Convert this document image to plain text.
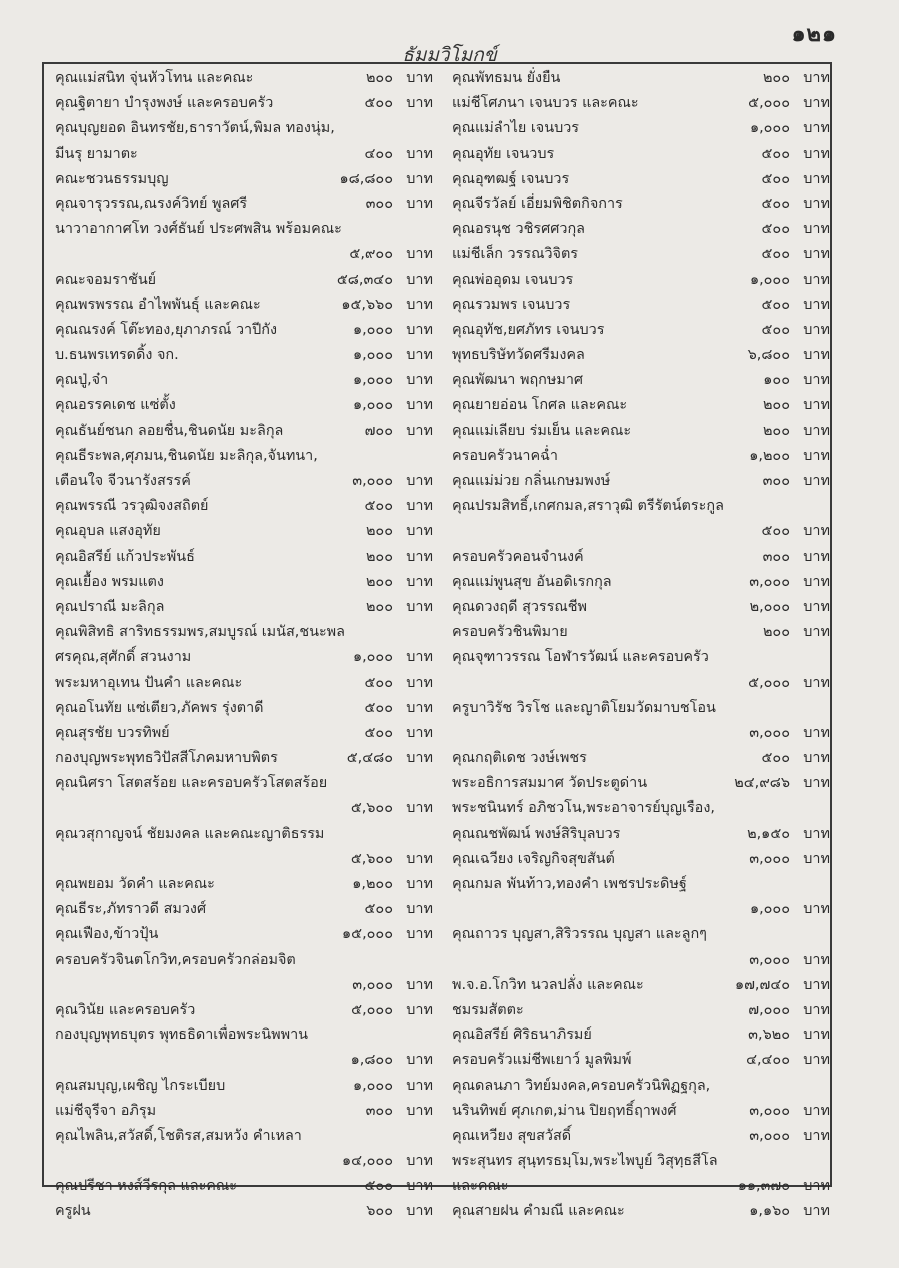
๑๒๑
ธัมมวิโมกข์
คุณแม่สนิท จุ่นหัวโทน และคณะ	๒๐๐ บาท
คุณฐิตายา บำรุงพงษ์ และครอบครัว	๕๐๐ บาท
คุณบุญยอด อินทรชัย,ธาราวัตน์,พิมล ทองนุ่ม,
มีนรุ ยามาตะ	๔๐๐ บาท
คณะชวนธรรมบุญ	๑๘,๘๐๐ บาท
คุณจารุวรรณ,ณรงค์วิทย์ พูลศรี	๓๐๐ บาท
นาวาอากาศโท วงศ์ธันย์ ประศพสิน พร้อมคณะ
๕,๙๐๐ บาท
คณะจอมราชันย์	๕๘,๓๔๐ บาท
คุณพรพรรณ อำไพพันธุ์ และคณะ	๑๕,๖๖๐ บาท
คุณณรงค์ โต๊ะทอง,ยุภาภรณ์ วาปีกัง	๑,๐๐๐ บาท
บ.ธนพรเทรดดิ้ง จก.	๑,๐๐๐ บาท
คุณปู่,จ๋า	๑,๐๐๐ บาท
คุณอรรคเดช แซ่ตั้ง	๑,๐๐๐ บาท
คุณธันย์ชนก ลอยชื่น,ชินดนัย มะลิกุล	๗๐๐ บาท
คุณธีระพล,ศุภมน,ชินดนัย มะลิกุล,จันทนา,
เตือนใจ จีวนารังสรรค์	๓,๐๐๐ บาท
คุณพรรณี วรวุฒิจงสถิตย์	๕๐๐ บาท
คุณอุบล แสงอุทัย	๒๐๐ บาท
คุณอิสรีย์ แก้วประพันธ์	๒๐๐ บาท
คุณเยื้อง พรมแตง	๒๐๐ บาท
คุณปราณี มะลิกุล	๒๐๐ บาท
คุณพิสิทธิ สาริทธรรมพร,สมบูรณ์ เมนัส,ชนะพล
ศรคุณ,สุศักดิ์ สวนงาม	๑,๐๐๐ บาท
พระมหาอุเทน ปันคำ และคณะ	๕๐๐ บาท
คุณอโนทัย แซ่เตียว,ภัคพร รุ่งตาดี	๕๐๐ บาท
คุณสุรชัย บวรทิพย์	๕๐๐ บาท
กองบุญพระพุทธวิปัสสีโภคมหาบพิตร	๕,๔๘๐ บาท
คุณนิศรา โสตสร้อย และครอบครัวโสตสร้อย
๕,๖๐๐ บาท
คุณวสุกาญจน์ ชัยมงคล และคณะญาติธรรม
๕,๖๐๐ บาท
คุณพยอม วัดคำ และคณะ	๑,๒๐๐ บาท
คุณธีระ,ภัทราวดี สมวงศ์	๕๐๐ บาท
คุณเฟือง,ข้าวปุ้น	๑๕,๐๐๐ บาท
ครอบครัวจินตโกวิท,ครอบครัวกล่อมจิต
๓,๐๐๐ บาท
คุณวินัย และครอบครัว	๕,๐๐๐ บาท
กองบุญพุทธบุตร พุทธธิดาเพื่อพระนิพพาน
๑,๘๐๐ บาท
คุณสมบุญ,เผชิญ ไกระเบียบ	๑,๐๐๐ บาท
แม่ชีจุรีจา อภิรุม	๓๐๐ บาท
คุณไพลิน,สวัสดิ์,โชติรส,สมหวัง คำเหลา
๑๔,๐๐๐ บาท
คุณปรีชา หงส์วีรกุล และคณะ	๕๐๐ บาท
ครูฝน	๖๐๐ บาท
คุณพัทธมน ยั่งยืน	๒๐๐ บาท
แม่ชีโศภนา เจนบวร และคณะ	๕,๐๐๐ บาท
คุณแม่ลำไย เจนบวร	๑,๐๐๐ บาท
คุณอุทัย เจนวบร	๕๐๐ บาท
คุณอุฑฒฐ์ เจนบวร	๕๐๐ บาท
คุณจีรวัลย์ เอี่ยมพิชิตกิจการ	๕๐๐ บาท
คุณอรนุช วชิรศศวกุล	๕๐๐ บาท
แม่ชีเล็ก วรรณวิจิตร	๕๐๐ บาท
คุณพ่ออุดม เจนบวร	๑,๐๐๐ บาท
คุณรวมพร เจนบวร	๕๐๐ บาท
คุณอุทัช,ยศภัทร เจนบวร	๕๐๐ บาท
พุทธบริษัทวัดศรีมงคล	๖,๘๐๐ บาท
คุณพัฒนา พฤกษมาศ	๑๐๐ บาท
คุณยายอ่อน โกศล และคณะ	๒๐๐ บาท
คุณแม่เลียบ ร่มเย็น และคณะ	๒๐๐ บาท
ครอบครัวนาคฉ่ำ	๑,๒๐๐ บาท
คุณแม่ม่วย กลิ่นเกษมพงษ์	๓๐๐ บาท
คุณปรมสิทธิ์,เกศกมล,สราวุฒิ ตรีรัตน์ตระกูล
๕๐๐ บาท
ครอบครัวคอนจำนงค์	๓๐๐ บาท
คุณแม่พูนสุข อันอดิเรกกุล	๓,๐๐๐ บาท
คุณดวงฤดี สุวรรณชีพ	๒,๐๐๐ บาท
ครอบครัวชินพิมาย	๒๐๐ บาท
คุณจุฑาวรรณ โอฬารวัฒน์ และครอบครัว
๕,๐๐๐ บาท
ครูบาวิรัช วิรโช และญาติโยมวัดมาบชโอน
๓,๐๐๐ บาท
คุณกฤติเดช วงษ์เพชร	๕๐๐ บาท
พระอธิการสมมาศ วัดประตูด่าน	๒๔,๙๘๖ บาท
พระชนินทร์ อภิชวโน,พระอาจารย์บุญเรือง,
คุณณชพัฒน์ พงษ์สิริบุลบวร	๒,๑๕๐ บาท
คุณเฉวียง เจริญกิจสุขสันต์	๓,๐๐๐ บาท
คุณกมล พันท้าว,ทองคำ เพชรประดิษฐ์
๑,๐๐๐ บาท
คุณถาวร บุญสา,สิริวรรณ บุญสา และลูกๆ
๓,๐๐๐ บาท
พ.จ.อ.โกวิท นวลปลั่ง และคณะ	๑๗,๗๔๐ บาท
ชมรมสัตตะ	๗,๐๐๐ บาท
คุณอิสรีย์ ศิริธนาภิรมย์	๓,๖๒๐ บาท
ครอบครัวแม่ชีพเยาว์ มูลพิมพ์	๔,๔๐๐ บาท
คุณดลนภา วิทย์มงคล,ครอบครัวนิพิฏฐกุล,
นรินทิพย์ ศุภเกต,ม่าน ปิยฤทธิ์ฤาพงศ์	๓,๐๐๐ บาท
คุณเหวียง สุขสวัสดิ์	๓,๐๐๐ บาท
พระสุนทร สุนฺทรธมฺโม,พระไพบูย์ วิสุทฺธสีโล
และคณะ	๑๑,๓๗๐ บาท
คุณสายฝน คำมณี และคณะ	๑,๑๖๐ บาท
